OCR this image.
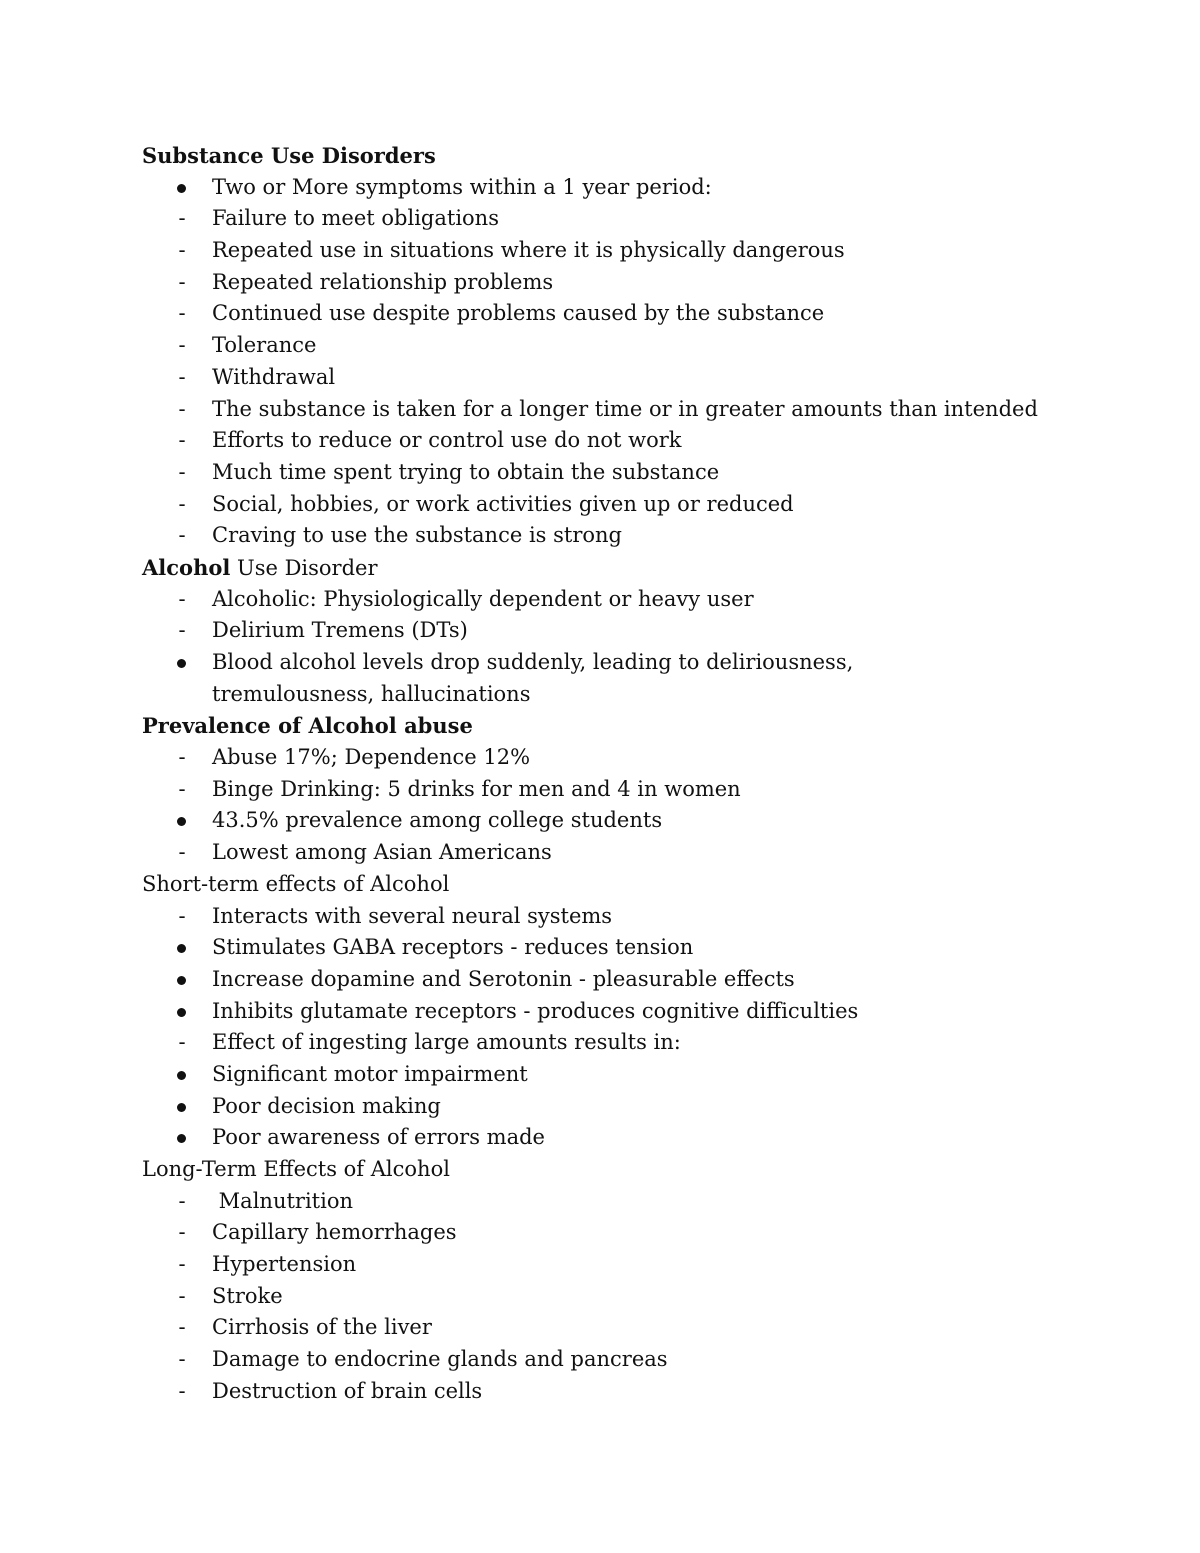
Substance Use Disorders
Two or More symptoms within a 1 year period:
-	Failure to meet obligations
-	Repeated use in situations where it is physically dangerous
-	Repeated relationship problems
-	Continued use despite problems caused by the substance
-	Tolerance
-	Withdrawal
-	The substance is taken for a longer time or in greater amounts than intended
-	Efforts to reduce or control use do not work
-	Much time spent trying to obtain the substance
-	Social, hobbies, or work activities given up or reduced
-	Craving to use the substance is strong
Alcohol Use Disorder
-	Alcoholic: Physiologically dependent or heavy user
-	Delirium Tremens (DTs)
Blood alcohol levels drop suddenly, leading to deliriousness, tremulousness, hallucinations
Prevalence of Alcohol abuse
-	Abuse 17%; Dependence 12%
-	Binge Drinking: 5 drinks for men and 4 in women
43.5% prevalence among college students
-	Lowest among Asian Americans
Short-term effects of Alcohol
-	Interacts with several neural systems
Stimulates GABA receptors - reduces tension
Increase dopamine and Serotonin - pleasurable effects
Inhibits glutamate receptors - produces cognitive difficulties
-	Effect of ingesting large amounts results in:
Significant motor impairment
Poor decision making
Poor awareness of errors made
Long-Term Effects of Alcohol
-	Malnutrition
-	Capillary hemorrhages
-	Hypertension
-	Stroke
-	Cirrhosis of the liver
-	Damage to endocrine glands and pancreas
-	Destruction of brain cells
